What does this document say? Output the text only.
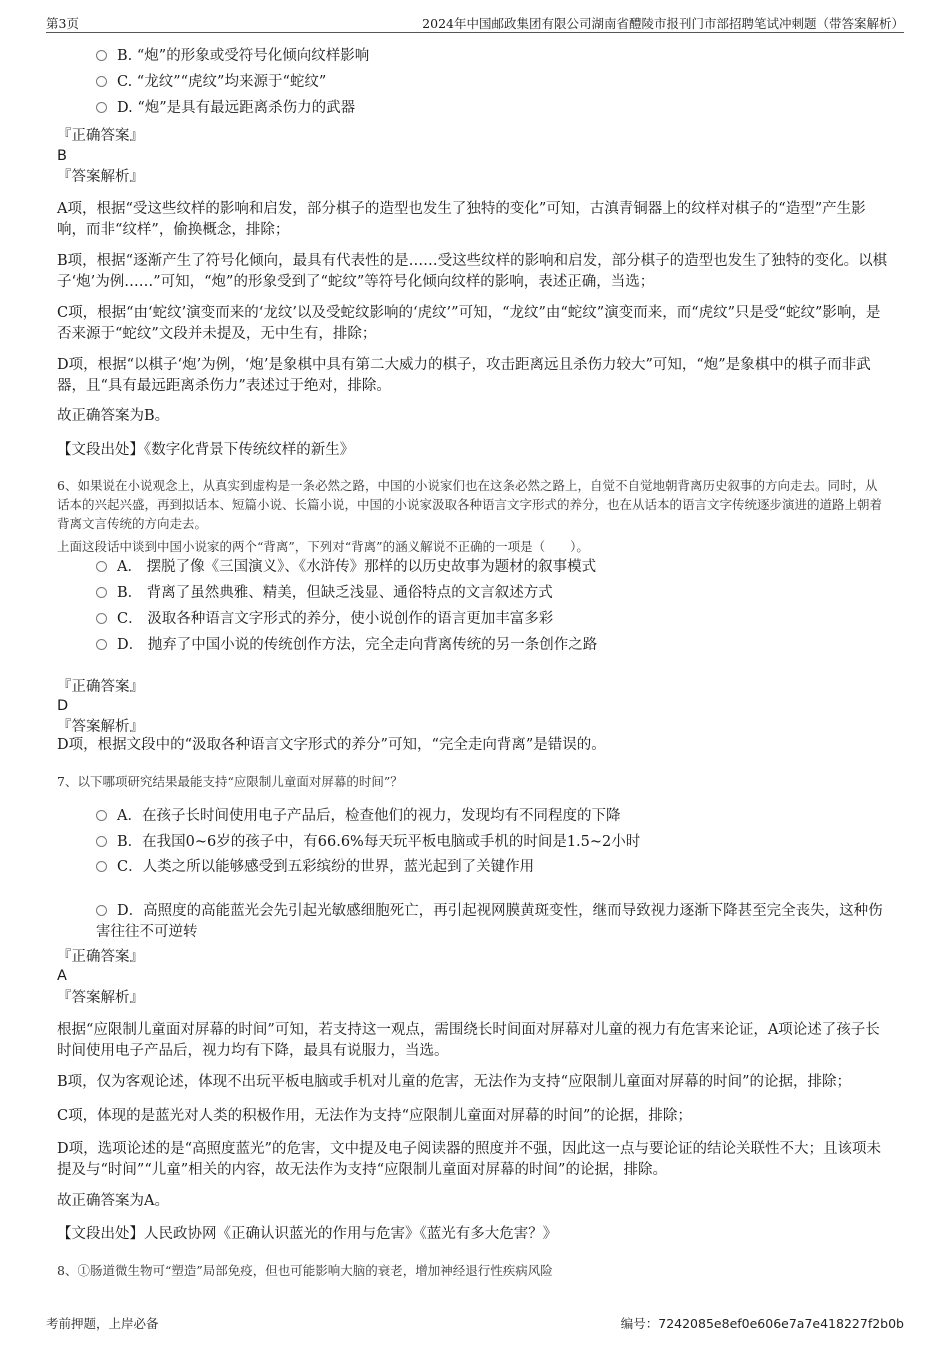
第3页	2024年中国邮政集团有限公司湖南省醴陵市报刊门市部招聘笔试冲刺题（带答案解析）
B. “炮”的形象或受符号化倾向纹样影响
C. “龙纹”“虎纹”均来源于“蛇纹”
D. “炮”是具有最远距离杀伤力的武器
『正确答案』
B
『答案解析』
A项，根据“受这些纹样的影响和启发，部分棋子的造型也发生了独特的变化”可知，古滇青铜器上的纹样对棋子的“造型”产生影响，而非“纹样”，偷换概念，排除；
B项，根据“逐渐产生了符号化倾向，最具有代表性的是……受这些纹样的影响和启发，部分棋子的造型也发生了独特的变化。以棋子‘炮’为例……”可知，“炮”的形象受到了“蛇纹”等符号化倾向纹样的影响，表述正确，当选；
C项，根据“由‘蛇纹’演变而来的‘龙纹’以及受蛇纹影响的‘虎纹’”可知，“龙纹”由“蛇纹”演变而来，而“虎纹”只是受“蛇纹”影响，是否来源于“蛇纹”文段并未提及，无中生有，排除；
D项，根据“以棋子‘炮’为例，‘炮’是象棋中具有第二大威力的棋子，攻击距离远且杀伤力较大”可知，“炮”是象棋中的棋子而非武器，且“具有最远距离杀伤力”表述过于绝对，排除。
故正确答案为B。
【文段出处】《数字化背景下传统纹样的新生》
6、如果说在小说观念上，从真实到虚构是一条必然之路，中国的小说家们也在这条必然之路上，自觉不自觉地朝背离历史叙事的方向走去。同时，从话本的兴起兴盛，再到拟话本、短篇小说、长篇小说，中国的小说家汲取各种语言文字形式的养分，也在从话本的语言文字传统逐步演进的道路上朝着背离文言传统的方向走去。
上面这段话中谈到中国小说家的两个“背离”，下列对“背离”的涵义解说不正确的一项是（　　）。
A． 摆脱了像《三国演义》、《水浒传》那样的以历史故事为题材的叙事模式
B． 背离了虽然典雅、精美，但缺乏浅显、通俗特点的文言叙述方式
C． 汲取各种语言文字形式的养分，使小说创作的语言更加丰富多彩
D． 抛弃了中国小说的传统创作方法，完全走向背离传统的另一条创作之路
『正确答案』
D
『答案解析』
D项，根据文段中的“汲取各种语言文字形式的养分”可知，“完全走向背离”是错误的。
7、以下哪项研究结果最能支持“应限制儿童面对屏幕的时间”？
A．在孩子长时间使用电子产品后，检查他们的视力，发现均有不同程度的下降
B．在我国0~6岁的孩子中，有66.6%每天玩平板电脑或手机的时间是1.5~2小时
C．人类之所以能够感受到五彩缤纷的世界，蓝光起到了关键作用
D．高照度的高能蓝光会先引起光敏感细胞死亡，再引起视网膜黄斑变性，继而导致视力逐渐下降甚至完全丧失，这种伤害往往不可逆转
『正确答案』
A
『答案解析』
根据“应限制儿童面对屏幕的时间”可知，若支持这一观点，需围绕长时间面对屏幕对儿童的视力有危害来论证，A项论述了孩子长时间使用电子产品后，视力均有下降，最具有说服力，当选。
B项，仅为客观论述，体现不出玩平板电脑或手机对儿童的危害，无法作为支持“应限制儿童面对屏幕的时间”的论据，排除；
C项，体现的是蓝光对人类的积极作用，无法作为支持“应限制儿童面对屏幕的时间”的论据，排除；
D项，选项论述的是“高照度蓝光”的危害，文中提及电子阅读器的照度并不强，因此这一点与要论证的结论关联性不大；且该项未提及与“时间”“儿童”相关的内容，故无法作为支持“应限制儿童面对屏幕的时间”的论据，排除。
故正确答案为A。
【文段出处】人民政协网《正确认识蓝光的作用与危害》《蓝光有多大危害？》
8、①肠道微生物可“塑造”局部免疫，但也可能影响大脑的衰老，增加神经退行性疾病风险
考前押题，上岸必备	编号：7242085e8ef0e606e7a7e418227f2b0b
